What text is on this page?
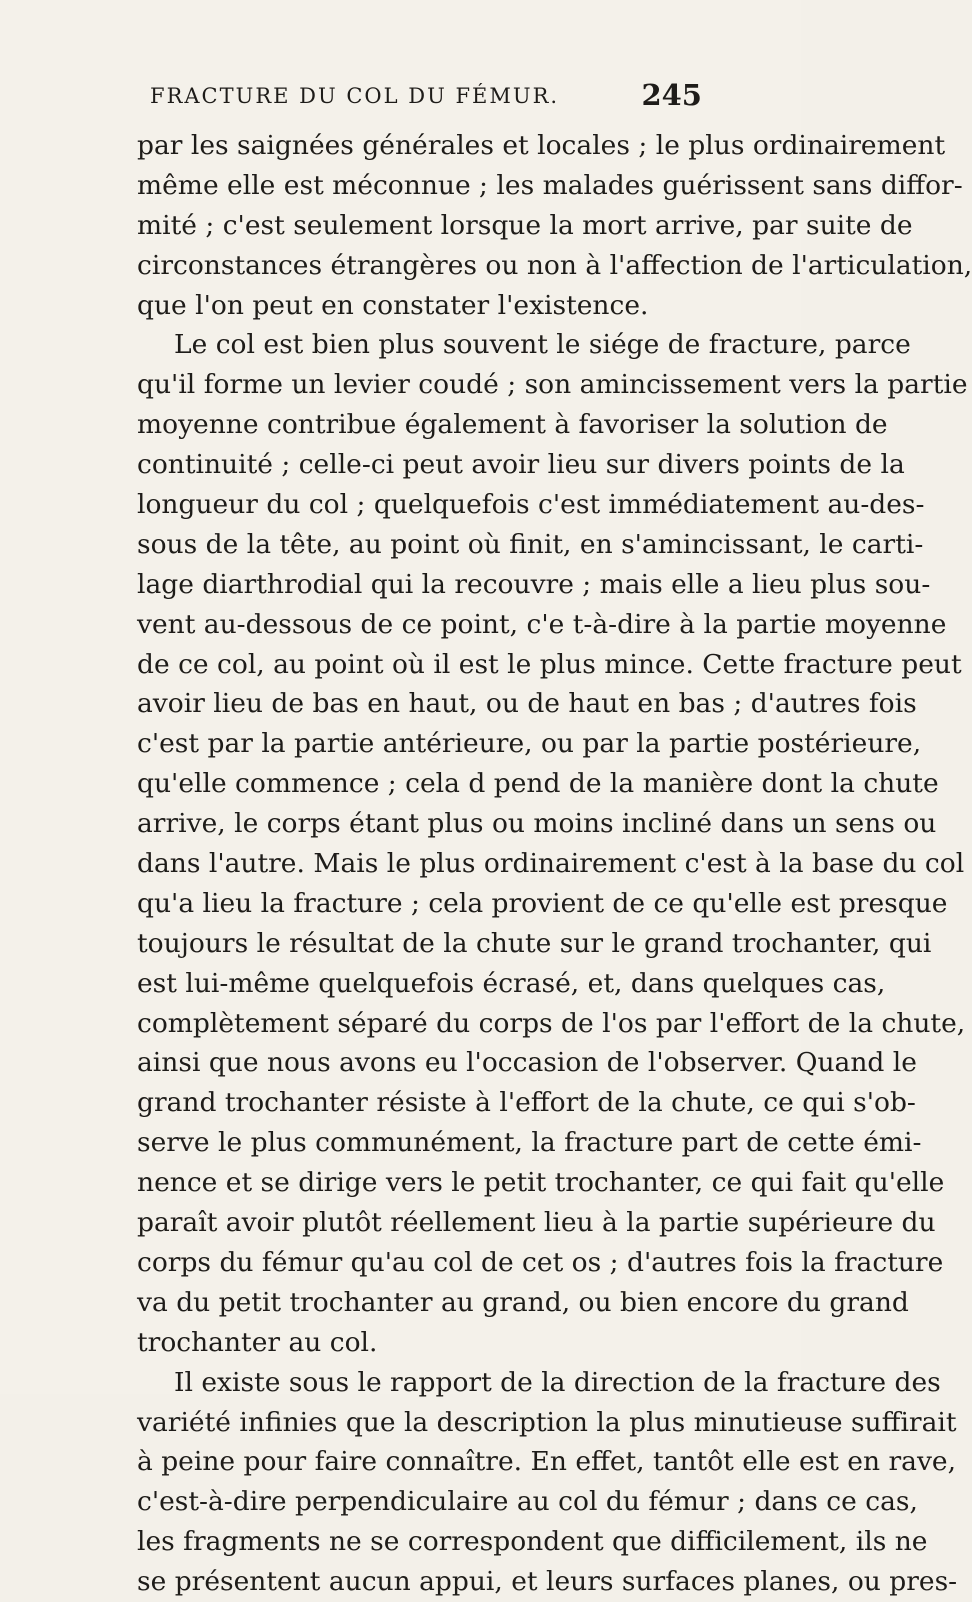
FRACTURE DU COL DU FÉMUR.	245
par les saignées générales et locales ; le plus ordinairement
même elle est méconnue ; les malades guérissent sans diffor-
mité ; c'est seulement lorsque la mort arrive, par suite de
circonstances étrangères ou non à l'affection de l'articulation,
que l'on peut en constater l'existence.
Le col est bien plus souvent le siége de fracture, parce
qu'il forme un levier coudé ; son amincissement vers la partie
moyenne contribue également à favoriser la solution de
continuité ; celle-ci peut avoir lieu sur divers points de la
longueur du col ; quelquefois c'est immédiatement au-des-
sous de la tête, au point où finit, en s'amincissant, le carti-
lage diarthrodial qui la recouvre ; mais elle a lieu plus sou-
vent au-dessous de ce point, c'e t-à-dire à la partie moyenne
de ce col, au point où il est le plus mince. Cette fracture peut
avoir lieu de bas en haut, ou de haut en bas ; d'autres fois
c'est par la partie antérieure, ou par la partie postérieure,
qu'elle commence ; cela d pend de la manière dont la chute
arrive, le corps étant plus ou moins incliné dans un sens ou
dans l'autre. Mais le plus ordinairement c'est à la base du col
qu'a lieu la fracture ; cela provient de ce qu'elle est presque
toujours le résultat de la chute sur le grand trochanter, qui
est lui-même quelquefois écrasé, et, dans quelques cas,
complètement séparé du corps de l'os par l'effort de la chute,
ainsi que nous avons eu l'occasion de l'observer. Quand le
grand trochanter résiste à l'effort de la chute, ce qui s'ob-
serve le plus communément, la fracture part de cette émi-
nence et se dirige vers le petit trochanter, ce qui fait qu'elle
paraît avoir plutôt réellement lieu à la partie supérieure du
corps du fémur qu'au col de cet os ; d'autres fois la fracture
va du petit trochanter au grand, ou bien encore du grand
trochanter au col.
Il existe sous le rapport de la direction de la fracture des
variété infinies que la description la plus minutieuse suffirait
à peine pour faire connaître. En effet, tantôt elle est en rave,
c'est-à-dire perpendiculaire au col du fémur ; dans ce cas,
les fragments ne se correspondent que difficilement, ils ne
se présentent aucun appui, et leurs surfaces planes, ou pres-
